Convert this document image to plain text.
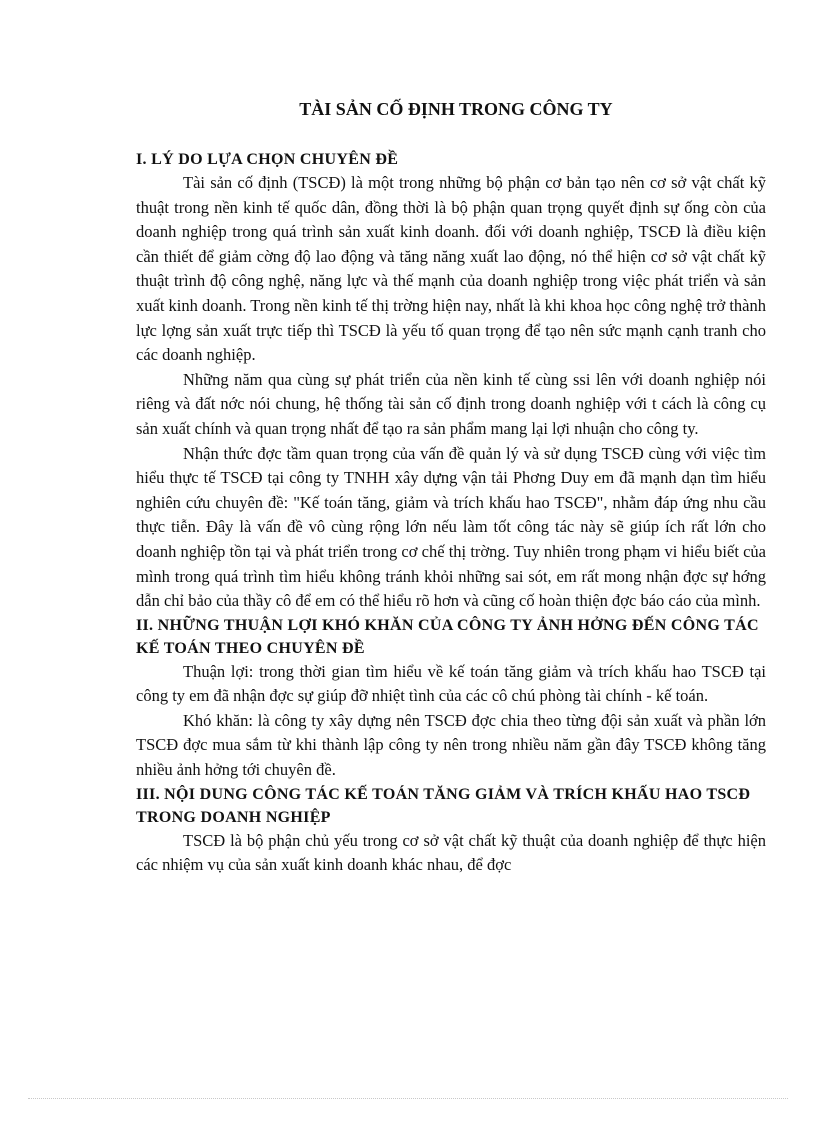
TÀI SẢN CỐ ĐỊNH TRONG CÔNG TY
I. LÝ DO LỰA CHỌN CHUYÊN ĐỀ

Tài sản cố định (TSCĐ) là một trong những bộ phận cơ bản tạo nên cơ sở vật chất kỹ thuật trong nền kinh tế quốc dân, đồng thời là bộ phận quan trọng quyết định sự ống còn của doanh nghiệp trong quá trình sản xuất kinh doanh. đối với doanh nghiệp, TSCĐ là điều kiện cần thiết để giảm cờng độ lao động và tăng năng xuất lao động, nó thể hiện cơ sở vật chất kỹ thuật trình độ công nghệ, năng lực và thế mạnh của doanh nghiệp trong việc phát triển và sản xuất kinh doanh. Trong nền kinh tế thị trờng hiện nay, nhất là khi khoa học công nghệ trở thành lực lợng sản xuất trực tiếp thì TSCĐ là yếu tố quan trọng để tạo nên sức mạnh cạnh tranh cho các doanh nghiệp.

Những năm qua cùng sự phát triển của nền kinh tế cùng ssi lên với doanh nghiệp nói riêng và đất nớc nói chung, hệ thống tài sản cố định trong doanh nghiệp với t cách là công cụ sản xuất chính và quan trọng nhất để tạo ra sản phẩm mang lại lợi nhuận cho công ty.

Nhận thức đợc tầm quan trọng của vấn đề quản lý và sử dụng TSCĐ cùng với việc tìm hiểu thực tế TSCĐ tại công ty TNHH xây dựng vận tải Phơng Duy em đã mạnh dạn tìm hiểu nghiên cứu chuyên đề: "Kế toán tăng, giảm và trích khấu hao TSCĐ", nhằm đáp ứng nhu cầu thực tiễn. Đây là vấn đề vô cùng rộng lớn nếu làm tốt công tác này sẽ giúp ích rất lớn cho doanh nghiệp tồn tại và phát triển trong cơ chế thị trờng. Tuy nhiên trong phạm vi hiểu biết của mình trong quá trình tìm hiểu không tránh khỏi những sai sót, em rất mong nhận đợc sự hớng dẫn chỉ bảo của thầy cô để em có thể hiểu rõ hơn và cũng cố hoàn thiện đợc báo cáo của mình.

II. NHỮNG THUẬN LỢI KHÓ KHĂN CỦA CÔNG TY ẢNH HỞNG ĐẾN CÔNG TÁC KẾ TOÁN THEO CHUYÊN ĐỀ

Thuận lợi: trong thời gian tìm hiểu về kế toán tăng giảm và trích khấu hao TSCĐ tại công ty em đã nhận đợc sự giúp đỡ nhiệt tình của các cô chú phòng tài chính - kế toán.

Khó khăn: là công ty xây dựng nên TSCĐ đợc chia theo từng đội sản xuất và phần lớn TSCĐ đợc mua sắm từ khi thành lập công ty nên trong nhiều năm gần đây TSCĐ không tăng nhiều ảnh hởng tới chuyên đề.

III. NỘI DUNG CÔNG TÁC KẾ TOÁN TĂNG GIẢM VÀ TRÍCH KHẤU HAO TSCĐ TRONG DOANH NGHIỆP

TSCĐ là bộ phận chủ yếu trong cơ sở vật chất kỹ thuật của doanh nghiệp để thực hiện các nhiệm vụ của sản xuất kinh doanh khác nhau, để đợc
